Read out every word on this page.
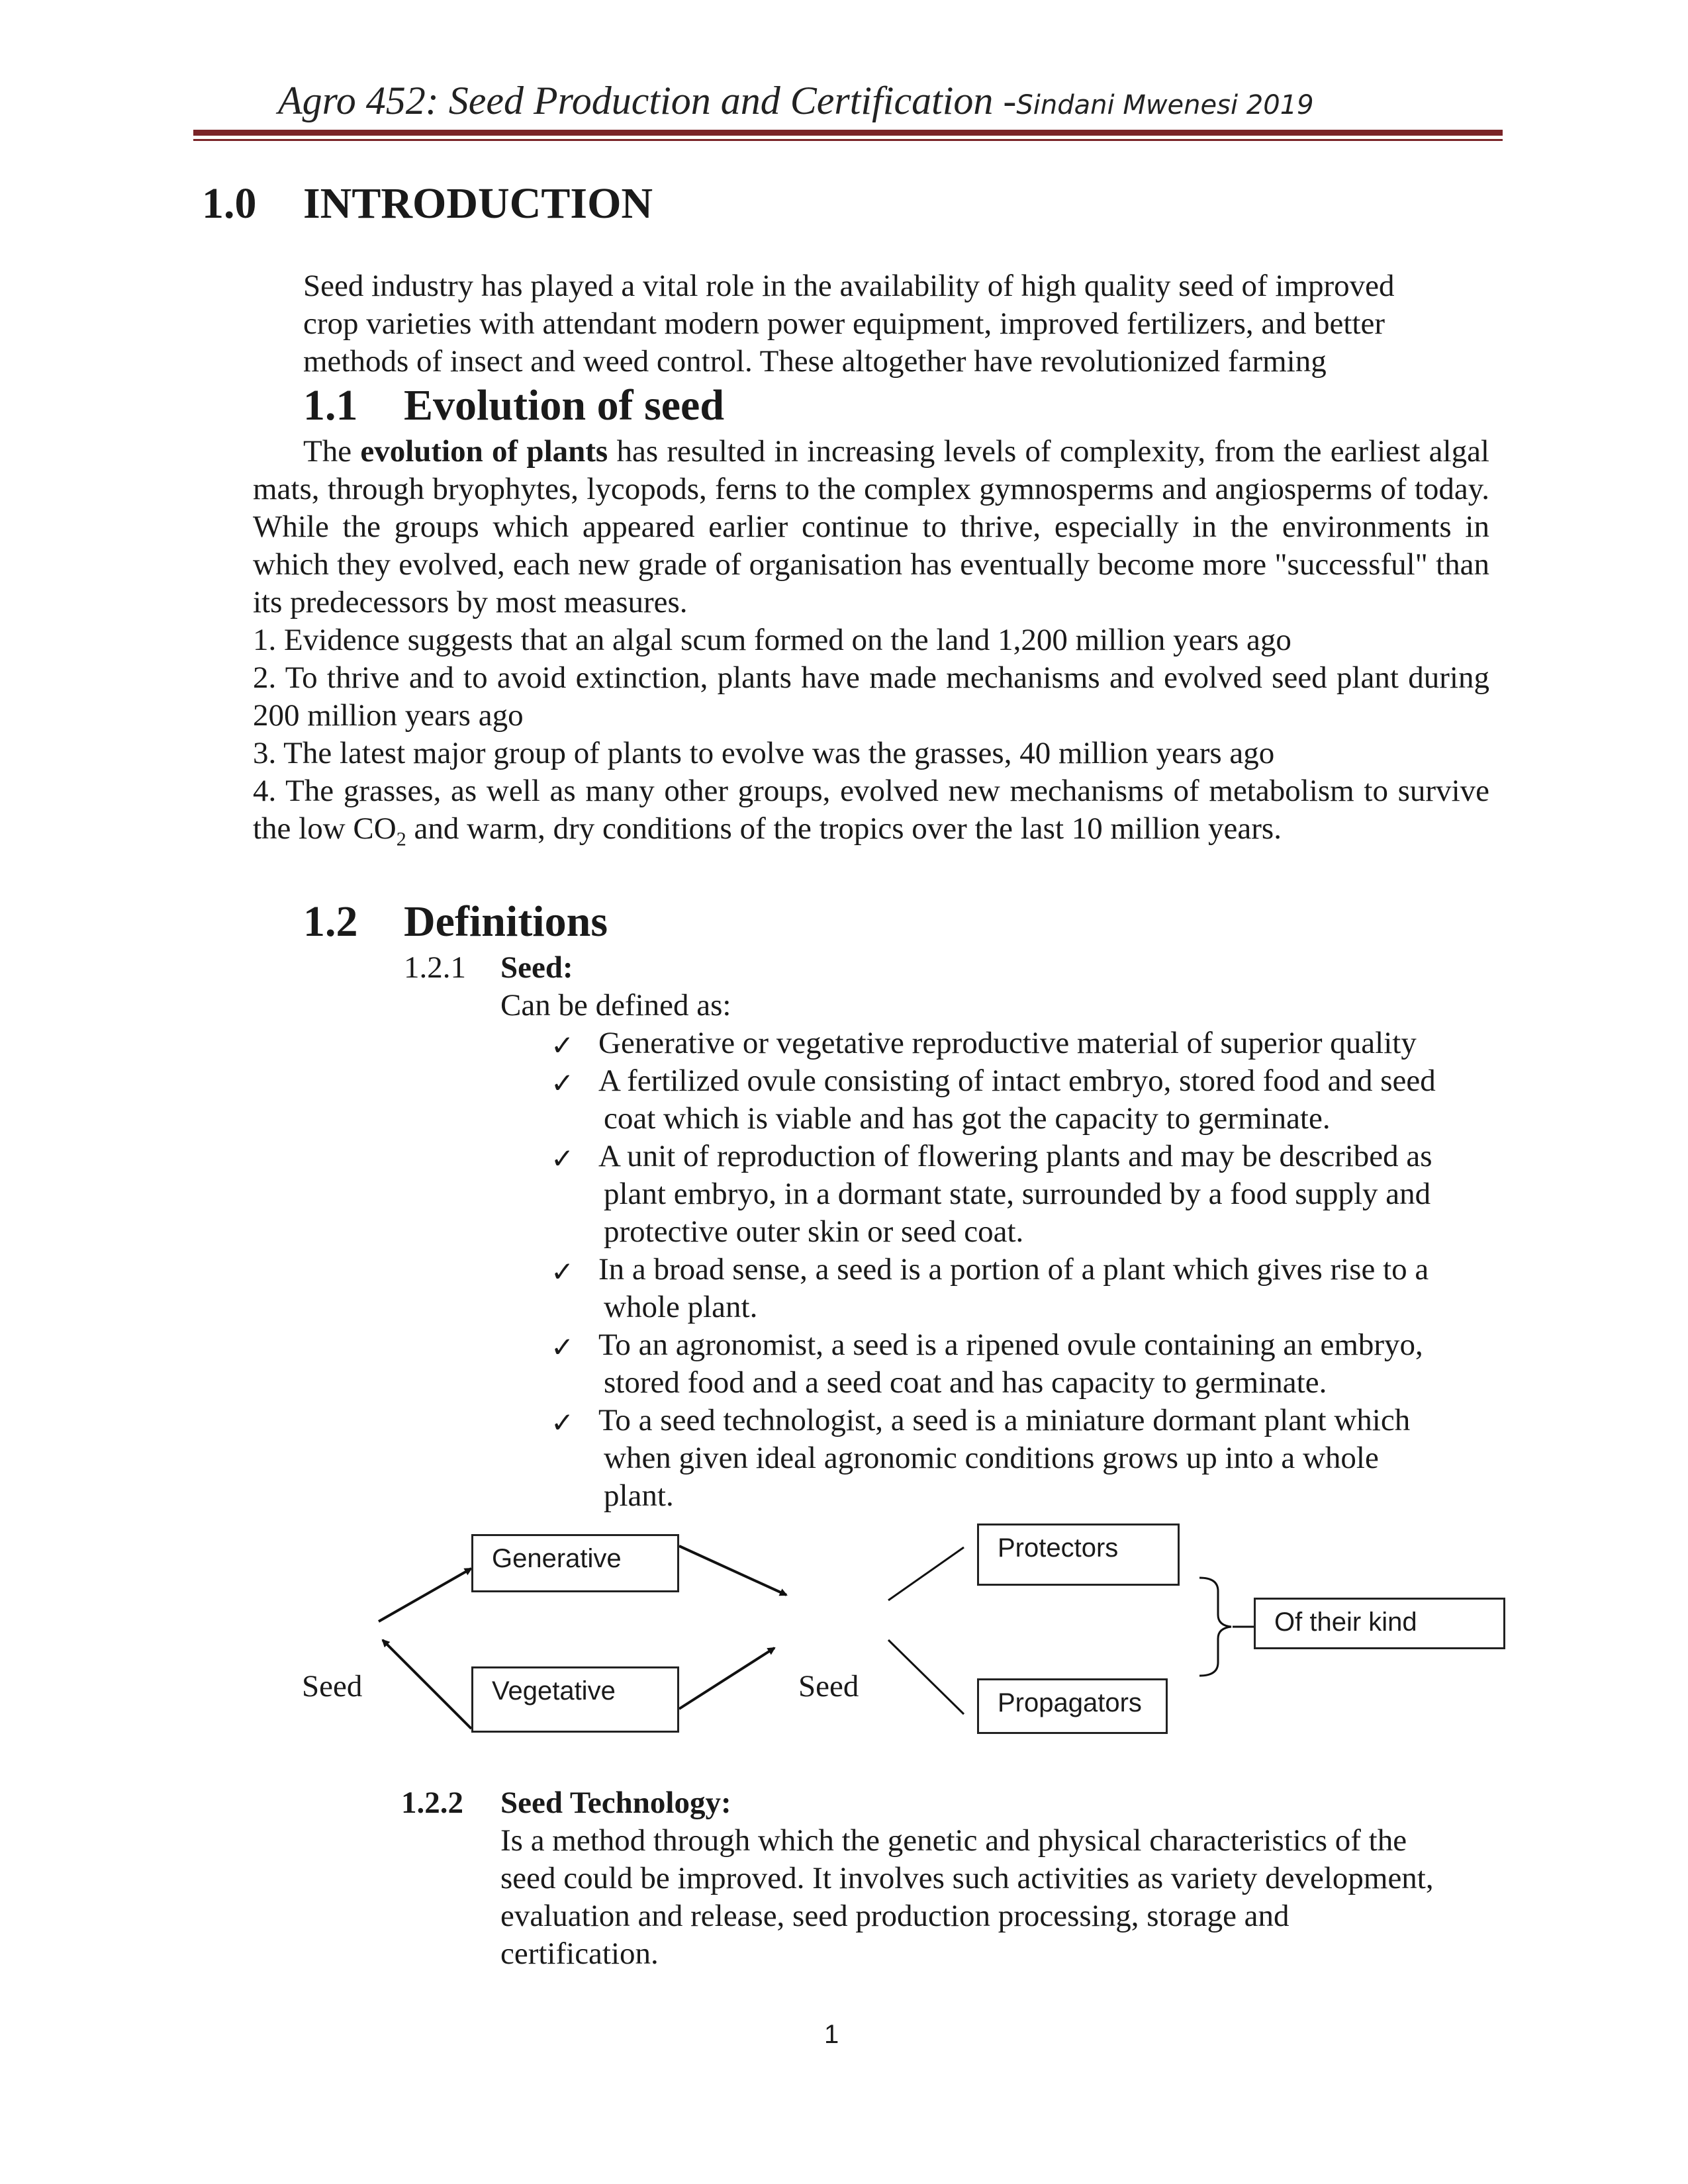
Agro 452: Seed Production and Certification -Sindani Mwenesi 2019
1.0 INTRODUCTION
Seed industry has played a vital role in the availability of high quality seed of improved
crop varieties with attendant modern power equipment, improved fertilizers, and better
methods of insect and weed control. These altogether have revolutionized farming
1.1 Evolution of seed
The evolution of plants has resulted in increasing levels of complexity, from the earliest algal mats, through bryophytes, lycopods, ferns to the complex gymnosperms and angiosperms of today. While the groups which appeared earlier continue to thrive, especially in the environments in which they evolved, each new grade of organisation has eventually become more "successful" than its predecessors by most measures.
1. Evidence suggests that an algal scum formed on the land 1,200 million years ago
2. To thrive and to avoid extinction, plants have made mechanisms and evolved seed plant during 200 million years ago
3. The latest major group of plants to evolve was the grasses, 40 million years ago
4. The grasses, as well as many other groups, evolved new mechanisms of metabolism to survive the low $CO_2$ and warm, dry conditions of the tropics over the last 10 million years.
1.2 Definitions
1.2.1 Seed:
Can be defined as:
✓ Generative or vegetative reproductive material of superior quality
✓ A fertilized ovule consisting of intact embryo, stored food and seed
coat which is viable and has got the capacity to germinate.
✓ A unit of reproduction of flowering plants and may be described as
plant embryo, in a dormant state, surrounded by a food supply and
protective outer skin or seed coat.
✓ In a broad sense, a seed is a portion of a plant which gives rise to a
whole plant.
✓ To an agronomist, a seed is a ripened ovule containing an embryo,
stored food and a seed coat and has capacity to germinate.
✓ To a seed technologist, a seed is a miniature dormant plant which
when given ideal agronomic conditions grows up into a whole
plant.
Seed
Generative
Vegetative	Seed
Protectors
Propagators
Of their kind
1.2.2 Seed Technology:
Is a method through which the genetic and physical characteristics of the
seed could be improved. It involves such activities as variety development,
evaluation and release, seed production processing, storage and
certification.
1
